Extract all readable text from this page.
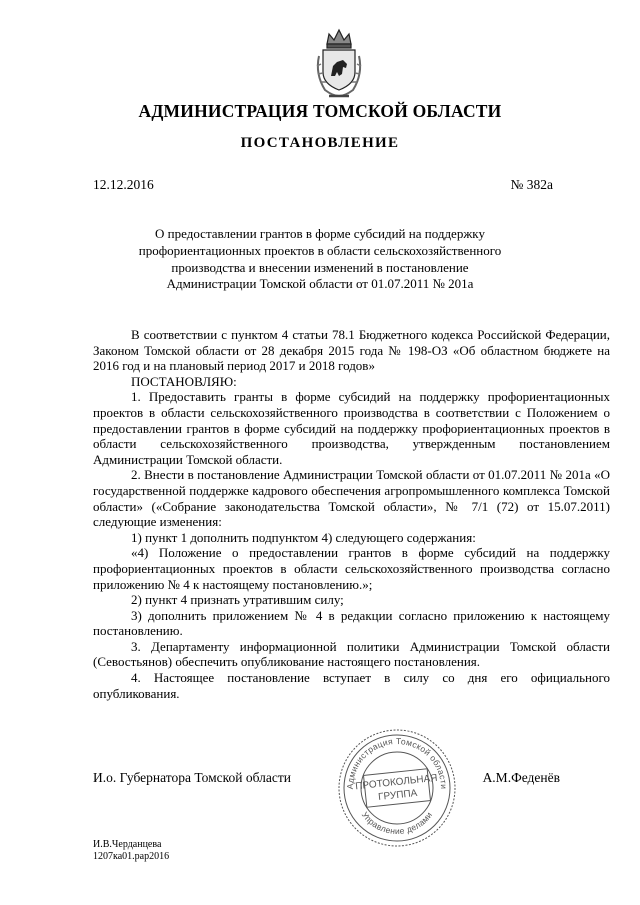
АДМИНИСТРАЦИЯ ТОМСКОЙ ОБЛАСТИ
ПОСТАНОВЛЕНИЕ
12.12.2016	№ 382а
О предоставлении грантов в форме субсидий на поддержку
профориентационных проектов в области сельскохозяйственного
производства и внесении изменений в постановление
Администрации Томской области от 01.07.2011 № 201а

В соответствии с пунктом 4 статьи 78.1 Бюджетного кодекса Российской Федерации, Законом Томской области от 28 декабря 2015 года № 198-ОЗ «Об областном бюджете на 2016 год и на плановый период 2017 и 2018 годов»

ПОСТАНОВЛЯЮ:

1. Предоставить гранты в форме субсидий на поддержку профориентационных проектов в области сельскохозяйственного производства в соответствии с Положением о предоставлении грантов в форме субсидий на поддержку профориентационных проектов в области сельскохозяйственного производства, утвержденным постановлением Администрации Томской области.

2. Внести в постановление Администрации Томской области от 01.07.2011 № 201а «О государственной поддержке кадрового обеспечения агропромышленного комплекса Томской области» («Собрание законодательства Томской области», № 7/1 (72) от 15.07.2011) следующие изменения:

1) пункт 1 дополнить подпунктом 4) следующего содержания:

«4) Положение о предоставлении грантов в форме субсидий на поддержку профориентационных проектов в области сельскохозяйственного производства согласно приложению № 4 к настоящему постановлению.»;

2) пункт 4 признать утратившим силу;

3) дополнить приложением № 4 в редакции согласно приложению к настоящему постановлению.

3. Департаменту информационной политики Администрации Томской области (Севостьянов) обеспечить опубликование настоящего постановления.

4. Настоящее постановление вступает в силу со дня его официального опубликования.

И.о. Губернатора Томской области	А.М.Феденёв
Администрация Томской области
Управление делами
ПРОТОКОЛЬНАЯ
ГРУППА
И.В.Черданцева
1207ка01.рар2016
